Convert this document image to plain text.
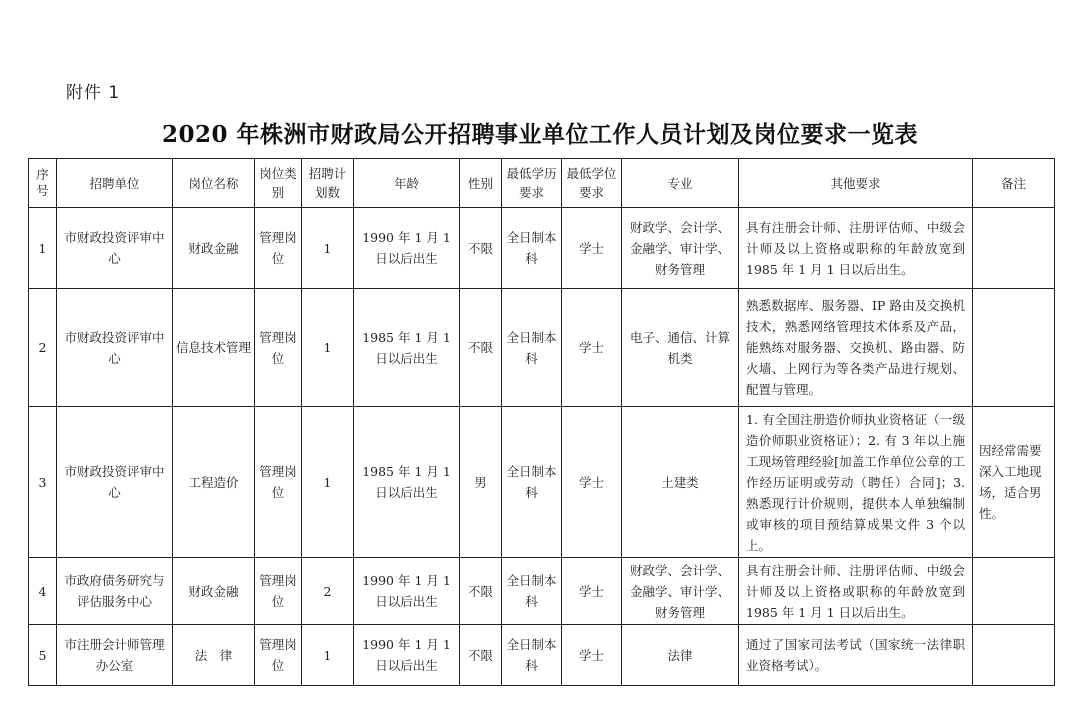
附件 1
2020 年株洲市财政局公开招聘事业单位工作人员计划及岗位要求一览表
序号	招聘单位	岗位名称	岗位类别	招聘计划数	年龄	性别	最低学历要求	最低学位要求	专业	其他要求	备注
1	市财政投资评审中心	财政金融	管理岗位	1	1990 年 1 月 1 日以后出生	不限	全日制本科	学士	财政学、会计学、金融学、审计学、财务管理	具有注册会计师、注册评估师、中级会计师及以上资格或职称的年龄放宽到 1985 年 1 月 1 日以后出生。	
2	市财政投资评审中心	信息技术管理	管理岗位	1	1985 年 1 月 1 日以后出生	不限	全日制本科	学士	电子、通信、计算机类	熟悉数据库、服务器、IP 路由及交换机技术，熟悉网络管理技术体系及产品，能熟练对服务器、交换机、路由器、防火墙、上网行为等各类产品进行规划、配置与管理。	
3	市财政投资评审中心	工程造价	管理岗位	1	1985 年 1 月 1 日以后出生	男	全日制本科	学士	土建类	1. 有全国注册造价师执业资格证（一级造价师职业资格证）；2. 有 3 年以上施工现场管理经验[加盖工作单位公章的工作经历证明或劳动（聘任）合同]；3. 熟悉现行计价规则，提供本人单独编制或审核的项目预结算成果文件 3 个以上。	因经常需要深入工地现场，适合男性。
4	市政府债务研究与评估服务中心	财政金融	管理岗位	2	1990 年 1 月 1 日以后出生	不限	全日制本科	学士	财政学、会计学、金融学、审计学、财务管理	具有注册会计师、注册评估师、中级会计师及以上资格或职称的年龄放宽到 1985 年 1 月 1 日以后出生。	
5	市注册会计师管理办公室	法　律	管理岗位	1	1990 年 1 月 1 日以后出生	不限	全日制本科	学士	法律	通过了国家司法考试（国家统一法律职业资格考试）。	
